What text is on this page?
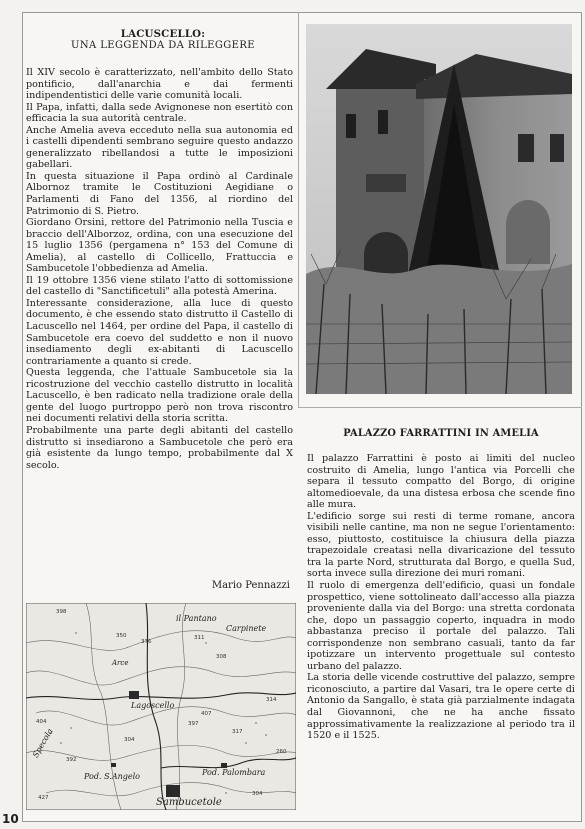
LACUSCELLO:
UNA LEGGENDA DA RILEGGERE

Il XIV secolo è caratterizzato, nell'ambito dello Stato pontificio, dall'anarchia e dai fermenti indipendentistici delle varie comunità locali.

Il Papa, infatti, dalla sede Avignonese non esertitò con efficacia la sua autorità centrale.

Anche Amelia aveva ecceduto nella sua autonomia ed i castelli dipendenti sembrano seguire questo andazzo generalizzato ribellandosi a tutte le imposizioni gabellari.

In questa situazione il Papa ordinò al Cardinale Albornoz tramite le Costituzioni Aegidiane o Parlamenti di Fano del 1356, al riordino del Patrimonio di S. Pietro.

Giordano Orsini, rettore del Patrimonio nella Tuscia e braccio dell'Alborzoz, ordina, con una esecuzione del 15 luglio 1356 (pergamena n° 153 del Comune di Amelia), al castello di Collicello, Frattuccia e Sambucetole l'obbedienza ad Amelia.

Il 19 ottobre 1356 viene stilato l'atto di sottomissione del castello di "Sanctificetuli" alla potestà Amerina.

Interessante considerazione, alla luce di questo documento, è che essendo stato distrutto il Castello di Lacuscello nel 1464, per ordine del Papa, il castello di Sambucetole era coevo del suddetto e non il nuovo insediamento degli ex-abitanti di Lacuscello contrariamente a quanto si crede.

Questa leggenda, che l'attuale Sambucetole sia la ricostruzione del vecchio castello distrutto in località Lacuscello, è ben radicato nella tradizione orale della gente del luogo purtroppo però non trova riscontro nei documenti relativi della storia scritta.

Probabilmente una parte degli abitanti del castello distrutto si insediarono a Sambucetole che però era già esistente da lungo tempo, probabilmente dal X secolo.

Mario Pennazzi
PALAZZO FARRATTINI IN AMELIA

Il palazzo Farrattini è posto ai limiti del nucleo costruito di Amelia, lungo l'antica via Porcelli che separa il tessuto compatto del Borgo, di origine altomedioevale, da una distesa erbosa che scende fino alle mura.

L'edificio sorge sui resti di terme romane, ancora visibili nelle cantine, ma non ne segue l'orientamento: esso, piuttosto, costituisce la chiusura della piazza trapezoidale creatasi nella divaricazione del tessuto tra la parte Nord, strutturata dal Borgo, e quella Sud, sorta invece sulla direzione dei muri romani.

Il ruolo di emergenza dell'edificio, quasi un fondale prospettico, viene sottolineato dall'accesso alla piazza proveniente dalla via del Borgo: una stretta cordonata che, dopo un passaggio coperto, inquadra in modo abbastanza preciso il portale del palazzo. Tali corrispondenze non sembrano casuali, tanto da far ipotizzare un intervento progettuale sul contesto urbano del palazzo.

La storia delle vicende costruttive del palazzo, sempre riconosciuto, a partire dal Vasari, tra le opere certe di Antonio da Sangallo, è stata già parzialmente indagata dal Giovannoni, che ne ha anche fissato approssimativamente la realizzazione al periodo tra il 1520 e il 1525.

il Pantano
Carpinete
Arce
Lagoscello
Pod. S.Angelo	Pod. Palombara
Sambucetole
Specola
398
350
376
311
308
407
397
317
404
392
304
427
304
314
260
10
